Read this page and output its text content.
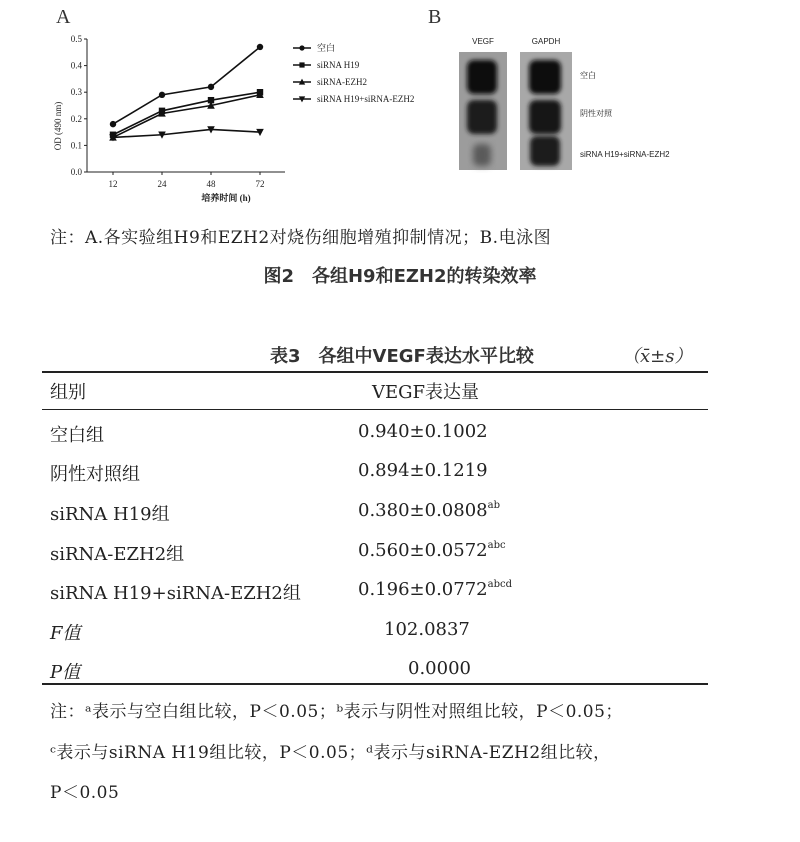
A	B
0.0
0.1
0.2
0.3
0.4
0.5
12	24	48	72
空白
siRNA H19
siRNA-EZH2
siRNA H19+siRNA-EZH2
OD (490 nm)
培养时间 (h)
VEGF	GAPDH
空白
阴性对照
siRNA H19+siRNA-EZH2
注：A.各实验组H9和EZH2对烧伤细胞增殖抑制情况；B.电泳图
图2　各组H9和EZH2的转染效率
表3　各组中VEGF表达水平比较	（x̄±s）
组别	VEGF表达量
空白组	0.940±0.1002
阴性对照组	0.894±0.1219
siRNA H19组	0.380±0.0808$^{ab}$
siRNA-EZH2组	0.560±0.0572$^{abc}$
siRNA H19+siRNA-EZH2组	$0.196\pm 0.0772^{abcd}$
F值	102.0837
P值	0.0000
注：ᵃ表示与空白组比较，P＜0.05；ᵇ表示与阴性对照组比较，P＜0.05；
ᶜ表示与siRNA H19组比较，P＜0.05；ᵈ表示与siRNA-EZH2组比较，
P＜0.05
